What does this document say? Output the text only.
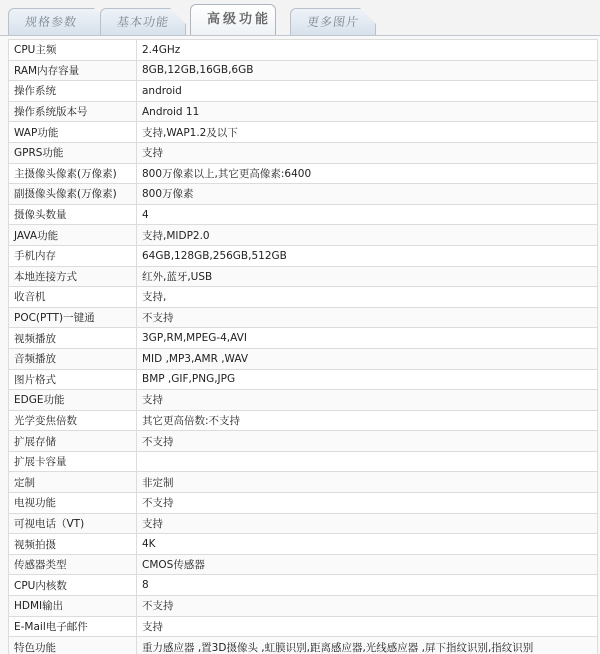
规格参数	基本功能	高级功能	更多图片
CPU主频	2.4GHz
RAM内存容量	8GB,12GB,16GB,6GB
操作系统	android
操作系统版本号	Android 11
WAP功能	支持,WAP1.2及以下
GPRS功能	支持
主摄像头像素(万像素)	800万像素以上,其它更高像素:6400
副摄像头像素(万像素)	800万像素
摄像头数量	4
JAVA功能	支持,MIDP2.0
手机内存	64GB,128GB,256GB,512GB
本地连接方式	红外,蓝牙,USB
收音机	支持,
POC(PTT)一键通	不支持
视频播放	3GP,RM,MPEG-4,AVI
音频播放	MID ,MP3,AMR ,WAV
图片格式	BMP ,GIF,PNG,JPG
EDGE功能	支持
光学变焦倍数	其它更高倍数:不支持
扩展存储	不支持
扩展卡容量	
定制	非定制
电视功能	不支持
可视电话（VT)	支持
视频拍摄	4K
传感器类型	CMOS传感器
CPU内核数	8
HDMI输出	不支持
E-Mail电子邮件	支持
特色功能	重力感应器 ,置3D摄像头 ,虹膜识别,距离感应器,光线感应器 ,屏下指纹识别,指纹识别
